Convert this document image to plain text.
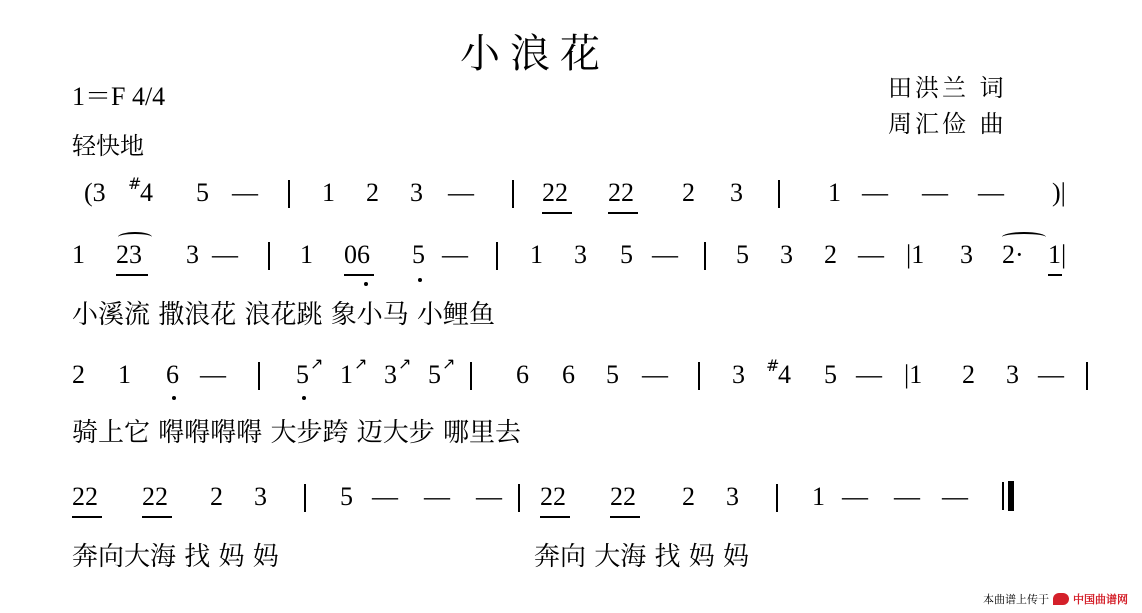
小浪花
1＝F 4/4
轻快地
田洪兰 词
周汇俭 曲
(3 #
4 5 — 1 2 3 —	22 22 2 3	1 — — — )|
1 23 3 — 1 06 5 — 1 3 5 — 5 3 2 — |1 3 2· 1|
小溪流 撒浪花 浪花跳 象小马 小鲤鱼
2 1 6 —	5 ↗ 1 ↗ 3 ↗ 5 ↗ 6 6 5 — 3 #
4 5 — |1 2 3 —
骑上它 嘚嘚嘚嘚 大步跨 迈大步 哪里去
22 22 2 3	5 — — — 22 22 2 3	1 — — —
奔向大海 找 妈 妈	奔向 大海 找 妈 妈
本曲谱上传于 中国曲谱网
